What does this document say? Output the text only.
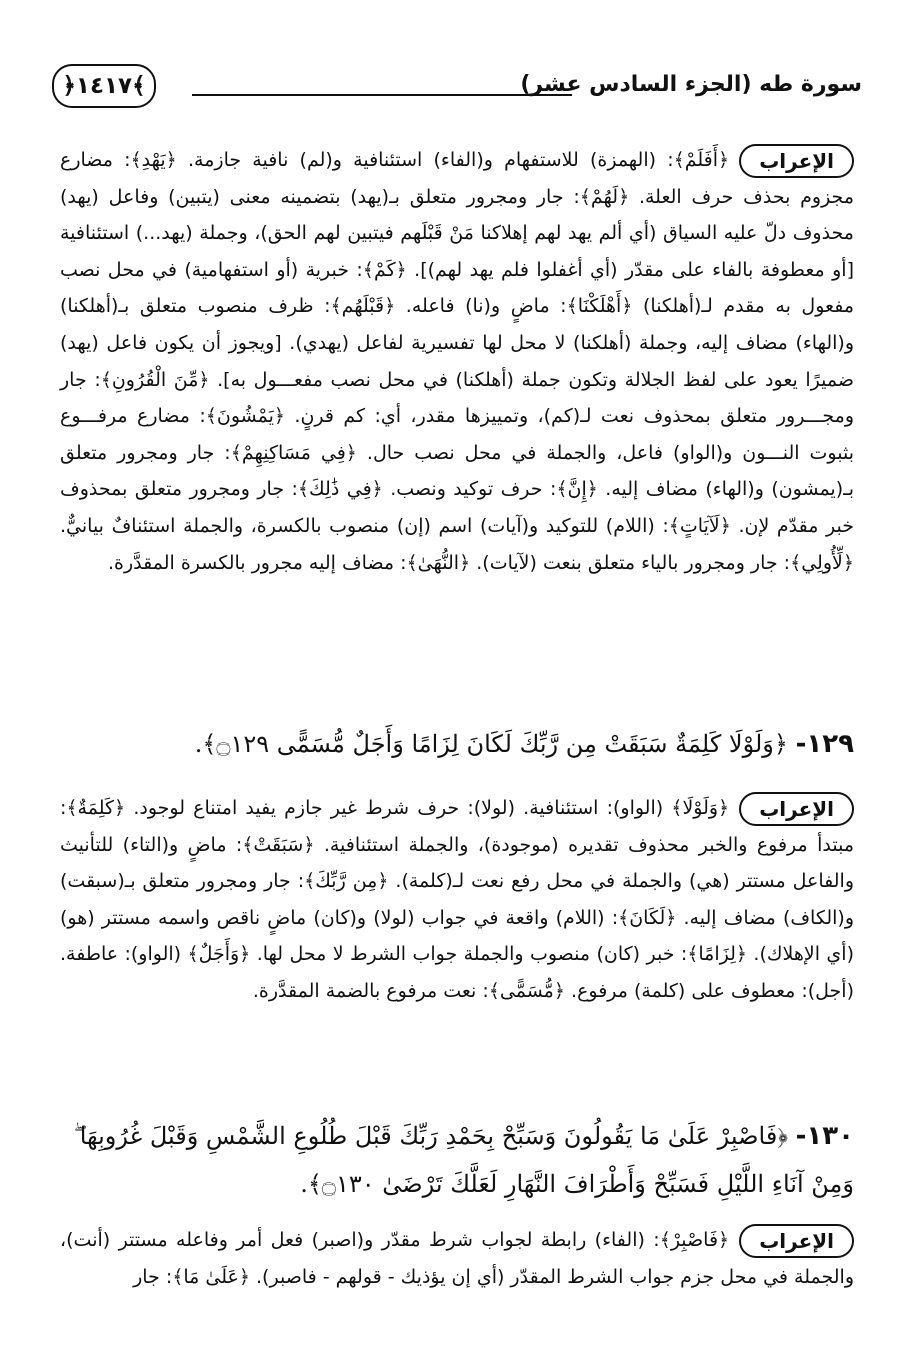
﴿١٤١٧﴾	سورة طه (الجزء السادس عشر)
الإعراب
﴿أَفَلَمْ﴾: (الهمزة) للاستفهام و(الفاء) استئنافية و(لم) نافية جازمة. ﴿يَهْدِ﴾: مضارع مجزوم بحذف حرف العلة. ﴿لَهُمْ﴾: جار ومجرور متعلق بـ(يهد) بتضمينه معنى (يتبين) وفاعل (يهد) محذوف دلّ عليه السياق (أي ألم يهد لهم إهلاكنا مَنْ قَبْلَهم فيتبين لهم الحق)، وجملة (يهد...) استئنافية [أو معطوفة بالفاء على مقدّر (أي أغفلوا فلم يهد لهم)]. ﴿كَمْ﴾: خبرية (أو استفهامية) في محل نصب مفعول به مقدم لـ(أهلكنا) ﴿أَهْلَكْنَا﴾: ماضٍ و(نا) فاعله. ﴿قَبْلَهُم﴾: ظرف منصوب متعلق بـ(أهلكنا) و(الهاء) مضاف إليه، وجملة (أهلكنا) لا محل لها تفسيرية لفاعل (يهدي). [ويجوز أن يكون فاعل (يهد) ضميرًا يعود على لفظ الجلالة وتكون جملة (أهلكنا) في محل نصب مفعـــول به]. ﴿مِّنَ الْقُرُونِ﴾: جار ومجـــرور متعلق بمحذوف نعت لـ(كم)، وتمييزها مقدر، أي: كم قرنٍ. ﴿يَمْشُونَ﴾: مضارع مرفـــوع بثبوت النـــون و(الواو) فاعل، والجملة في محل نصب حال. ﴿فِي مَسَاكِنِهِمْ﴾: جار ومجرور متعلق بـ(يمشون) و(الهاء) مضاف إليه. ﴿إِنَّ﴾: حرف توكيد ونصب. ﴿فِي ذَٰلِكَ﴾: جار ومجرور متعلق بمحذوف خبر مقدّم لإن. ﴿لَآيَاتٍ﴾: (اللام) للتوكيد و(آيات) اسم (إن) منصوب بالكسرة، والجملة استئنافٌ بيانيٌّ. ﴿لِّأُولِي﴾: جار ومجرور بالياء متعلق بنعت (لآيات). ﴿النُّهَىٰ﴾: مضاف إليه مجرور بالكسرة المقدَّرة.
١٢٩- ﴿وَلَوْلَا كَلِمَةٌ سَبَقَتْ مِن رَّبِّكَ لَكَانَ لِزَامًا وَأَجَلٌ مُّسَمًّى ۝١٢٩﴾.
الإعراب
﴿وَلَوْلَا﴾ (الواو): استئنافية. (لولا): حرف شرط غير جازم يفيد امتناع لوجود. ﴿كَلِمَةٌ﴾: مبتدأ مرفوع والخبر محذوف تقديره (موجودة)، والجملة استئنافية. ﴿سَبَقَتْ﴾: ماضٍ و(التاء) للتأنيث والفاعل مستتر (هي) والجملة في محل رفع نعت لـ(كلمة). ﴿مِن رَّبِّكَ﴾: جار ومجرور متعلق بـ(سبقت) و(الكاف) مضاف إليه. ﴿لَكَانَ﴾: (اللام) واقعة في جواب (لولا) و(كان) ماضٍ ناقص واسمه مستتر (هو) (أي الإهلاك). ﴿لِزَامًا﴾: خبر (كان) منصوب والجملة جواب الشرط لا محل لها. ﴿وَأَجَلٌ﴾ (الواو): عاطفة. (أجل): معطوف على (كلمة) مرفوع. ﴿مُّسَمًّى﴾: نعت مرفوع بالضمة المقدَّرة.
١٣٠- ﴿فَاصْبِرْ عَلَىٰ مَا يَقُولُونَ وَسَبِّحْ بِحَمْدِ رَبِّكَ قَبْلَ طُلُوعِ الشَّمْسِ وَقَبْلَ غُرُوبِهَا ۖ وَمِنْ آنَاءِ اللَّيْلِ فَسَبِّحْ وَأَطْرَافَ النَّهَارِ لَعَلَّكَ تَرْضَىٰ ۝١٣٠﴾.
الإعراب
﴿فَاصْبِرْ﴾: (الفاء) رابطة لجواب شرط مقدّر و(اصبر) فعل أمر وفاعله مستتر (أنت)، والجملة في محل جزم جواب الشرط المقدّر (أي إن يؤذيك - قولهم - فاصبر). ﴿عَلَىٰ مَا﴾: جار
